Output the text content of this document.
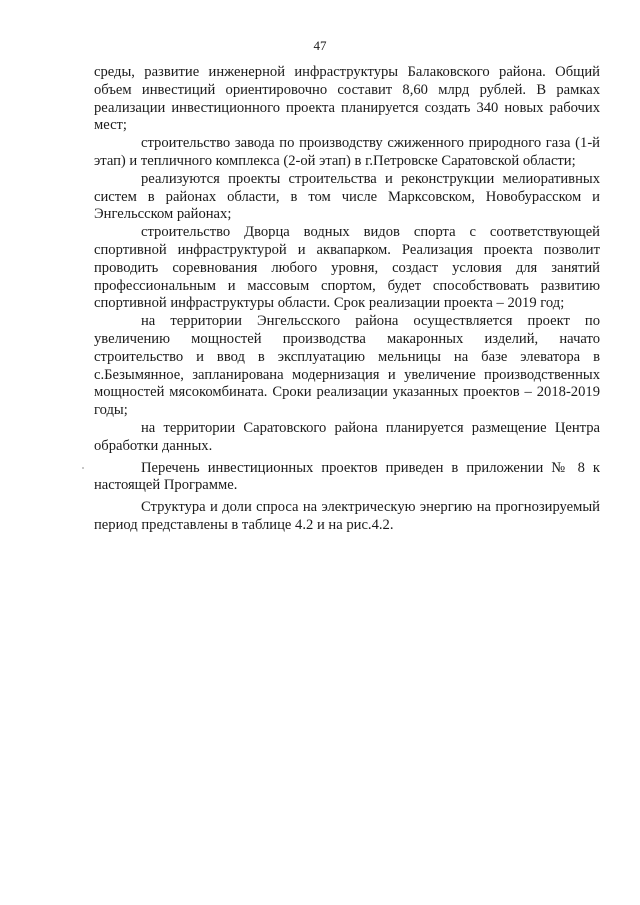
47

среды, развитие инженерной инфраструктуры Балаковского района. Общий объем инвестиций ориентировочно составит 8,60 млрд рублей. В рамках реализации инвестиционного проекта планируется создать 340 новых рабочих мест;

строительство завода по производству сжиженного природного газа (1-й этап) и тепличного комплекса (2-ой этап) в г.Петровске Саратовской области;

реализуются проекты строительства и реконструкции мелиоративных систем в районах области, в том числе Марксовском, Новобурасском и Энгельсском районах;

строительство Дворца водных видов спорта с соответствующей спортивной инфраструктурой и аквапарком. Реализация проекта позволит проводить соревнования любого уровня, создаст условия для занятий профессиональным и массовым спортом, будет способствовать развитию спортивной инфраструктуры области. Срок реализации проекта – 2019 год;

на территории Энгельсского района осуществляется проект по увеличению мощностей производства макаронных изделий, начато строительство и ввод в эксплуатацию мельницы на базе элеватора в с.Безымянное, запланирована модернизация и увеличение производственных мощностей мясокомбината. Сроки реализации указанных проектов – 2018-2019 годы;

на территории Саратовского района планируется размещение Центра обработки данных.

Перечень инвестиционных проектов приведен в приложении № 8 к настоящей Программе.

Структура и доли спроса на электрическую энергию на прогнозируемый период представлены в таблице 4.2 и на рис.4.2.
